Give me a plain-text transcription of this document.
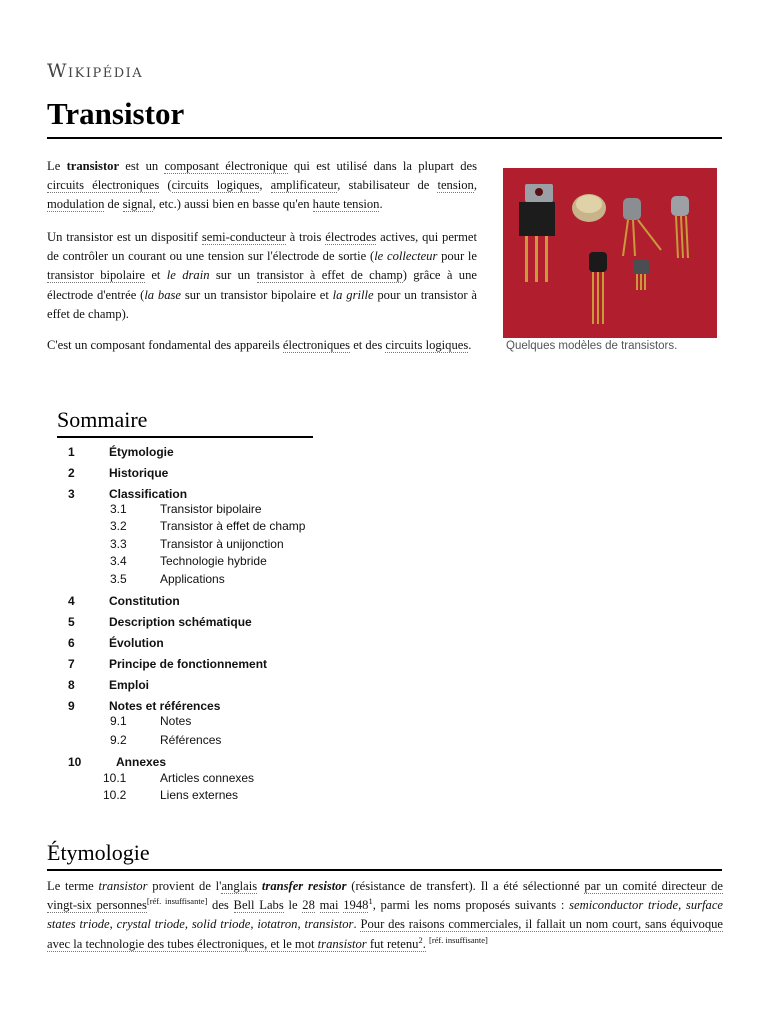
Wikipédia
Transistor

Le transistor est un composant électronique qui est utilisé dans la plupart des circuits électroniques (circuits logiques, amplificateur, stabilisateur de tension, modulation de signal, etc.) aussi bien en basse qu'en haute tension.

Un transistor est un dispositif semi-conducteur à trois électrodes actives, qui permet de contrôler un courant ou une tension sur l'électrode de sortie (le collecteur pour le transistor bipolaire et le drain sur un transistor à effet de champ) grâce à une électrode d'entrée (la base sur un transistor bipolaire et la grille pour un transistor à effet de champ).

C'est un composant fondamental des appareils électroniques et des circuits logiques.	Quelques modèles de transistors.
Sommaire
1	Étymologie
2	Historique
3	Classification
3.1	Transistor bipolaire
3.2	Transistor à effet de champ
3.3	Transistor à unijonction
3.4	Technologie hybride
3.5	Applications
4	Constitution
5	Description schématique
6	Évolution
7	Principe de fonctionnement
8	Emploi
9	Notes et références
9.1	Notes
9.2	Références
10	Annexes
10.1	Articles connexes
10.2	Liens externes
Étymologie

Le terme transistor provient de l'anglais transfer resistor (résistance de transfert). Il a été sélectionné par un comité directeur de vingt-six personnes[réf. insuffisante] des Bell Labs le 28 mai 1948$^1$, parmi les noms proposés suivants : semiconductor triode, surface states triode, crystal triode, solid triode, iotatron, transistor. Pour des raisons commerciales, il fallait un nom court, sans équivoque avec la technologie des tubes électroniques, et le mot transistor fut retenu$^2$. [réf. insuffisante]
